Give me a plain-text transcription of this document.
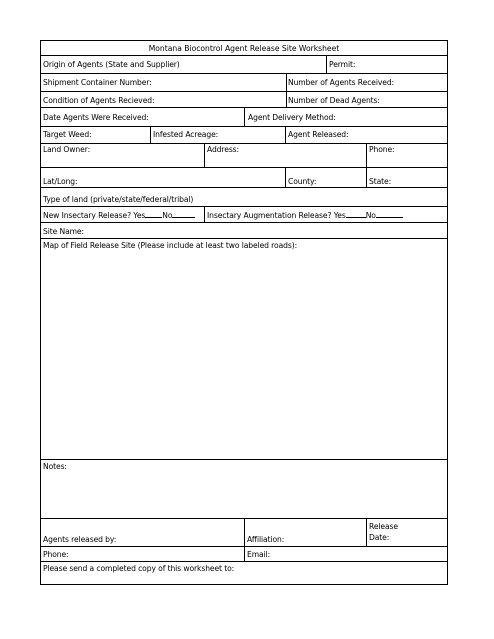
Montana Biocontrol Agent Release Site Worksheet
Origin of Agents (State and Supplier)	Permit:
Shipment Container Number:	Number of Agents Received:
Condition of Agents Recieved:	Number of Dead Agents:
Date Agents Were Received:	Agent Delivery Method:
Target Weed:	Infested Acreage:	Agent Released:
Land Owner:	Address:	Phone:
Lat/Long:	County:	State:
Type of land (private/state/federal/tribal)
New Insectary Release? Yes No	Insectary Augmentation Release? Yes	No
Site Name:
Map of Field Release Site (Please include at least two labeled roads):
Notes:
Agents released by:	Affiliation:
Release
Date:
Phone:	Email:
Please send a completed copy of this worksheet to:
